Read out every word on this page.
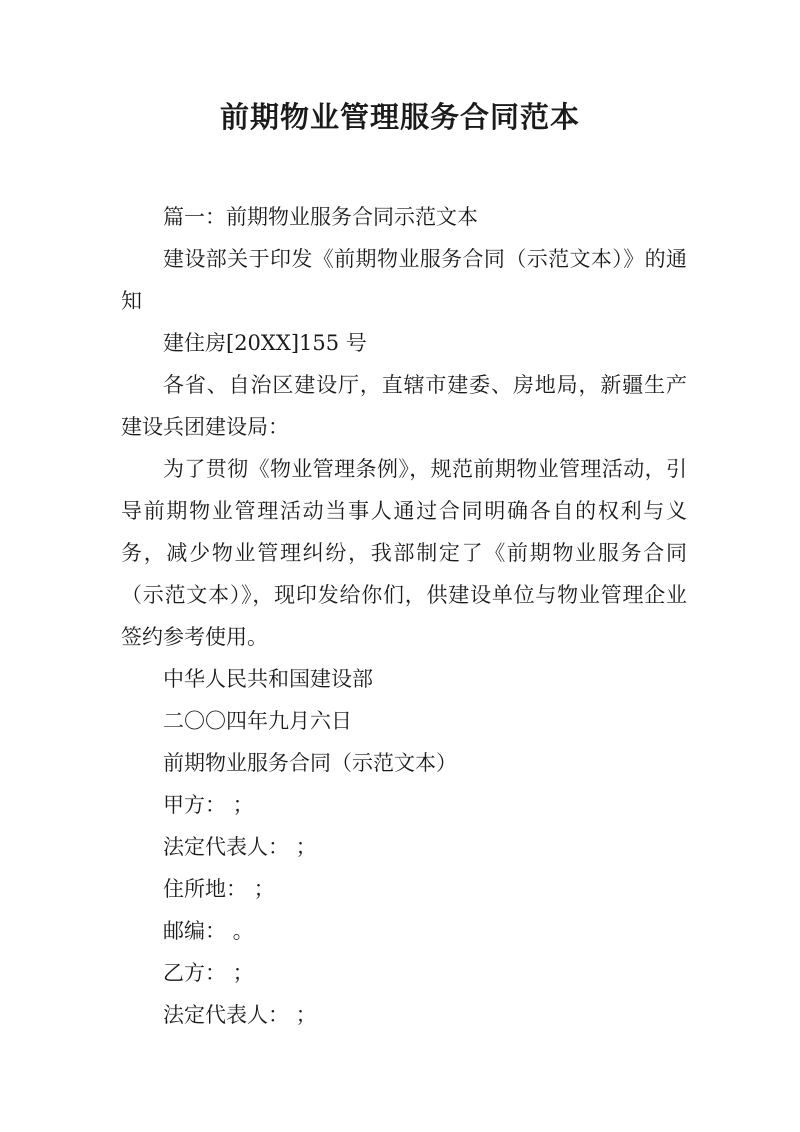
前期物业管理服务合同范本

篇一：前期物业服务合同示范文本

建设部关于印发《前期物业服务合同（示范文本）》的通知

建住房[20XX]155 号

各省、自治区建设厅，直辖市建委、房地局，新疆生产建设兵团建设局：

为了贯彻《物业管理条例》，规范前期物业管理活动，引导前期物业管理活动当事人通过合同明确各自的权利与义务，减少物业管理纠纷，我部制定了《前期物业服务合同（示范文本）》，现印发给你们，供建设单位与物业管理企业签约参考使用。

中华人民共和国建设部

二〇〇四年九月六日

前期物业服务合同（示范文本）

甲方： ；

法定代表人： ；

住所地： ；

邮编： 。

乙方： ；

法定代表人： ；
